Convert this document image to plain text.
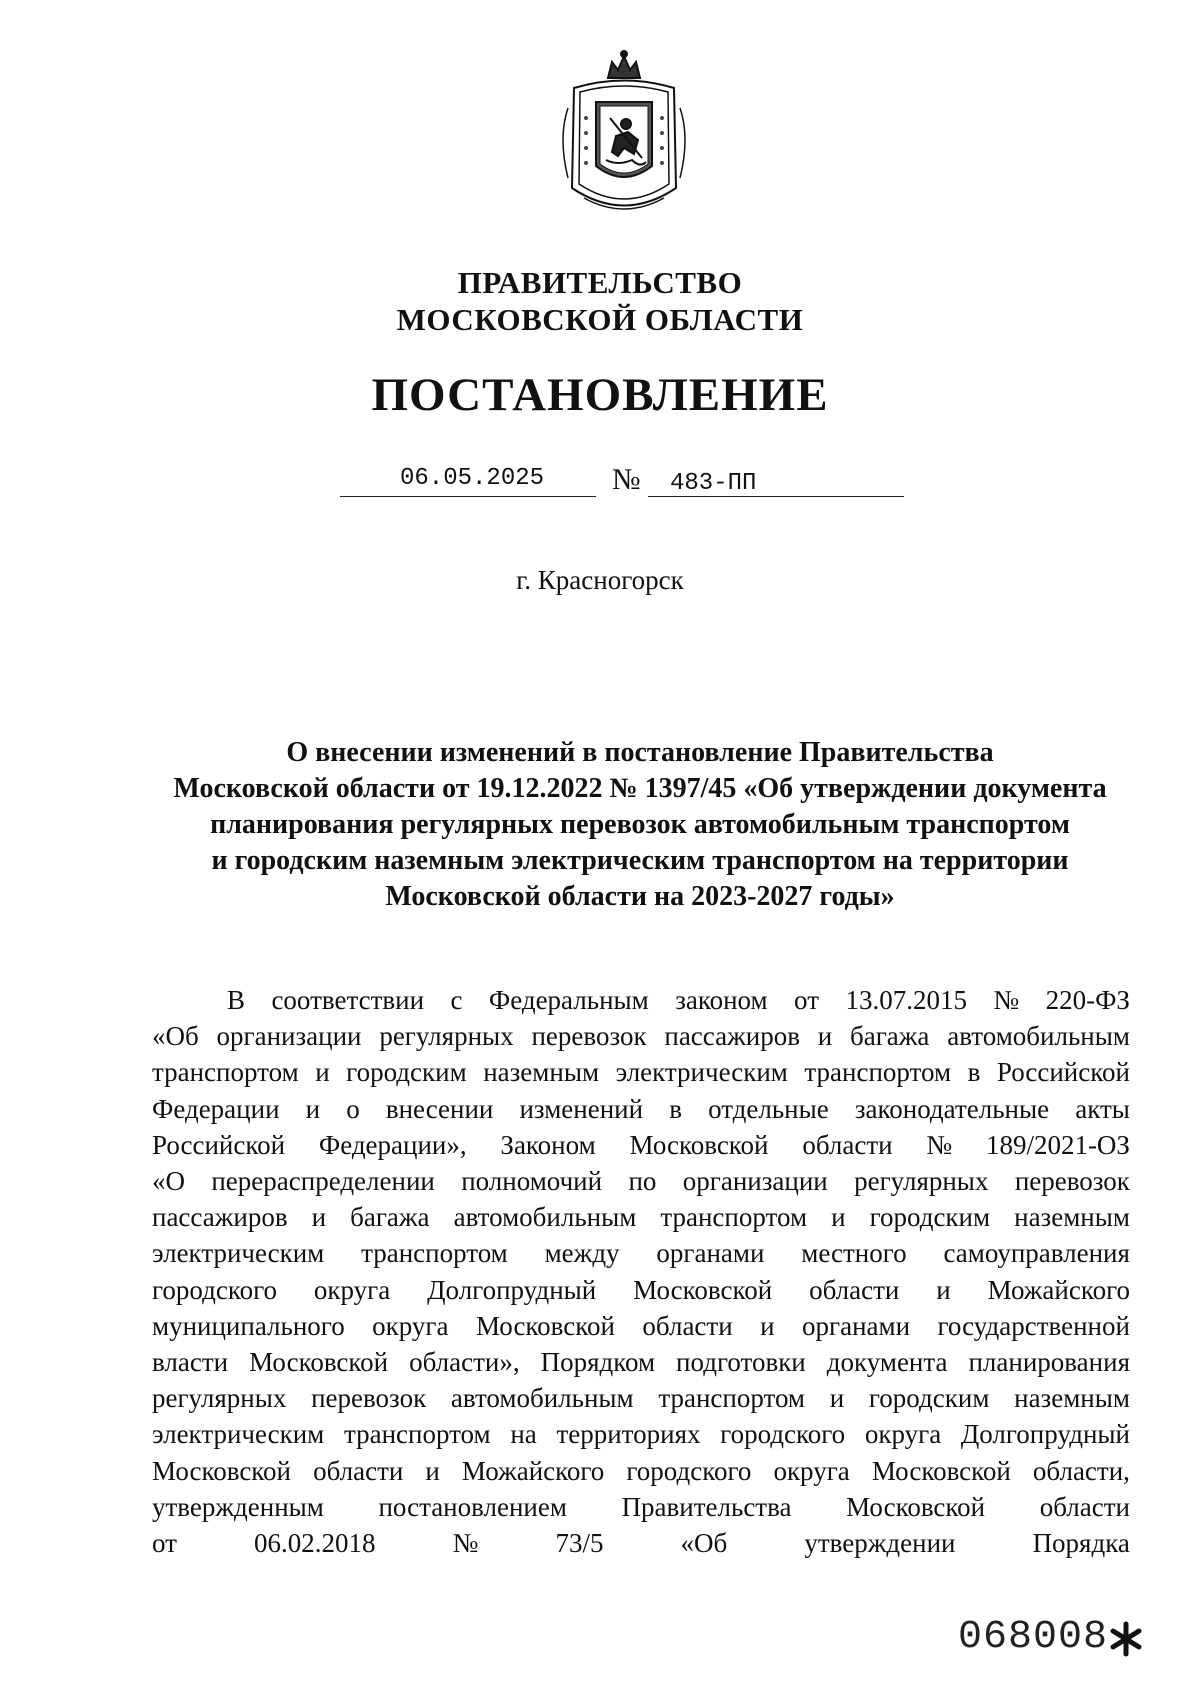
ПРАВИТЕЛЬСТВО
МОСКОВСКОЙ ОБЛАСТИ
ПОСТАНОВЛЕНИЕ
06.05.2025 № 483-ПП
г. Красногорск
О внесении изменений в постановление Правительства
Московской области от 19.12.2022 № 1397/45 «Об утверждении документа
планирования регулярных перевозок автомобильным транспортом
и городским наземным электрическим транспортом на территории
Московской области на 2023-2027 годы»
В соответствии с Федеральным законом от 13.07.2015 № 220-ФЗ
«Об организации регулярных перевозок пассажиров и багажа автомобильным
транспортом и городским наземным электрическим транспортом в Российской
Федерации и о внесении изменений в отдельные законодательные акты
Российской Федерации», Законом Московской области № 189/2021-ОЗ
«О перераспределении полномочий по организации регулярных перевозок
пассажиров и багажа автомобильным транспортом и городским наземным
электрическим транспортом между органами местного самоуправления
городского округа Долгопрудный Московской области и Можайского
муниципального округа Московской области и органами государственной
власти Московской области», Порядком подготовки документа планирования
регулярных перевозок автомобильным транспортом и городским наземным
электрическим транспортом на территориях городского округа Долгопрудный
Московской области и Можайского городского округа Московской области,
утвержденным постановлением Правительства Московской области
от	06.02.2018	№	73/5	«Об	утверждении	Порядка
068008
